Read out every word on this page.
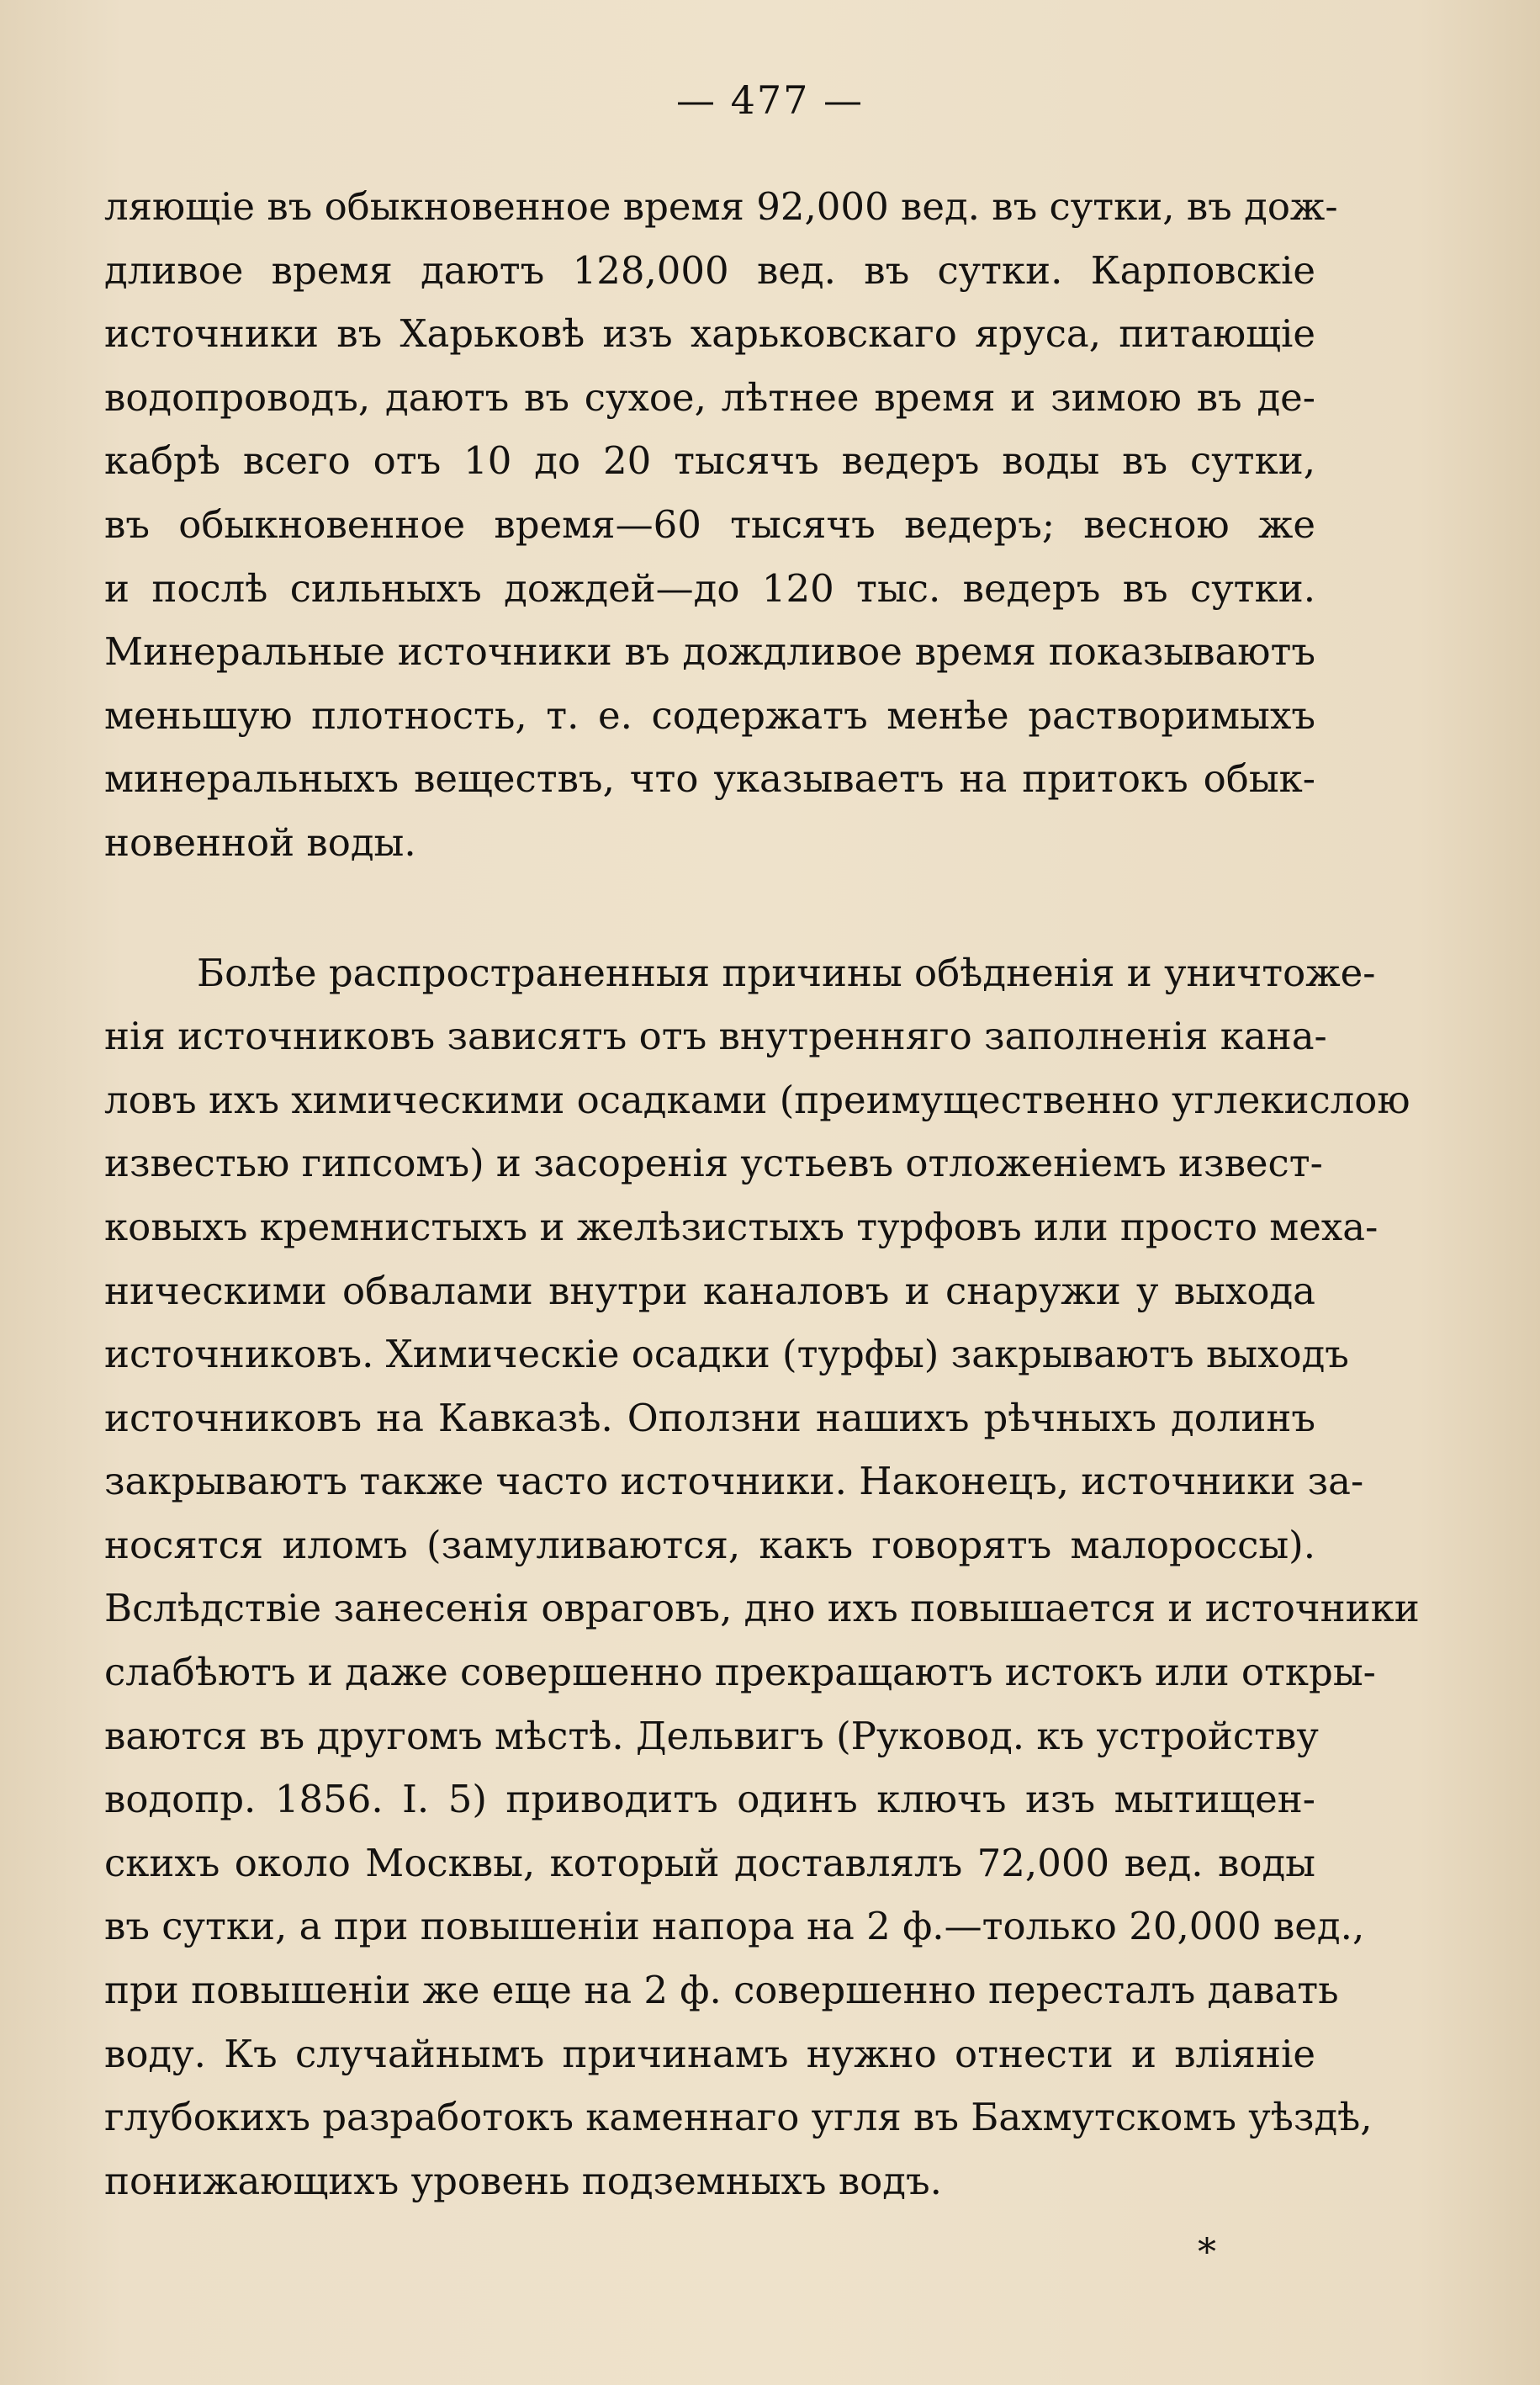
— 477 —
ляющіе въ обыкновенное время 92,000 вед. въ сутки, въ дож-
дливое время даютъ 128,000 вед. въ сутки. Карповскіе
источники въ Харьковѣ изъ харьковскаго яруса, питающіе
водопроводъ, даютъ въ сухое, лѣтнее время и зимою въ де-
кабрѣ всего отъ 10 до 20 тысячъ ведеръ воды въ сутки,
въ обыкновенное время—60 тысячъ ведеръ; весною же
и послѣ сильныхъ дождей—до 120 тыс. ведеръ въ сутки.
Минеральные источники въ дождливое время показываютъ
меньшую плотность, т. е. содержатъ менѣе растворимыхъ
минеральныхъ веществъ, что указываетъ на притокъ обык-
новенной воды.
Болѣе распространенныя причины обѣдненія и уничтоже-
нія источниковъ зависятъ отъ внутренняго заполненія кана-
ловъ ихъ химическими осадками (преимущественно углекислою
известью гипсомъ) и засоренія устьевъ отложеніемъ извест-
ковыхъ кремнистыхъ и желѣзистыхъ турфовъ или просто меха-
ническими обвалами внутри каналовъ и снаружи у выхода
источниковъ. Химическіе осадки (турфы) закрываютъ выходъ
источниковъ на Кавказѣ. Оползни нашихъ рѣчныхъ долинъ
закрываютъ также часто источники. Наконецъ, источники за-
носятся иломъ (замуливаются, какъ говорятъ малороссы).
Вслѣдствіе занесенія овраговъ, дно ихъ повышается и источники
слабѣютъ и даже совершенно прекращаютъ истокъ или откры-
ваются въ другомъ мѣстѣ. Дельвигъ (Руковод. къ устройству
водопр. 1856. I. 5) приводитъ одинъ ключъ изъ мытищен-
скихъ около Москвы, который доставлялъ 72,000 вед. воды
въ сутки, а при повышеніи напора на 2 ф.—только 20,000 вед.,
при повышеніи же еще на 2 ф. совершенно пересталъ давать
воду. Къ случайнымъ причинамъ нужно отнести и вліяніе
глубокихъ разработокъ каменнаго угля въ Бахмутскомъ уѣздѣ,
понижающихъ уровень подземныхъ водъ.
*
